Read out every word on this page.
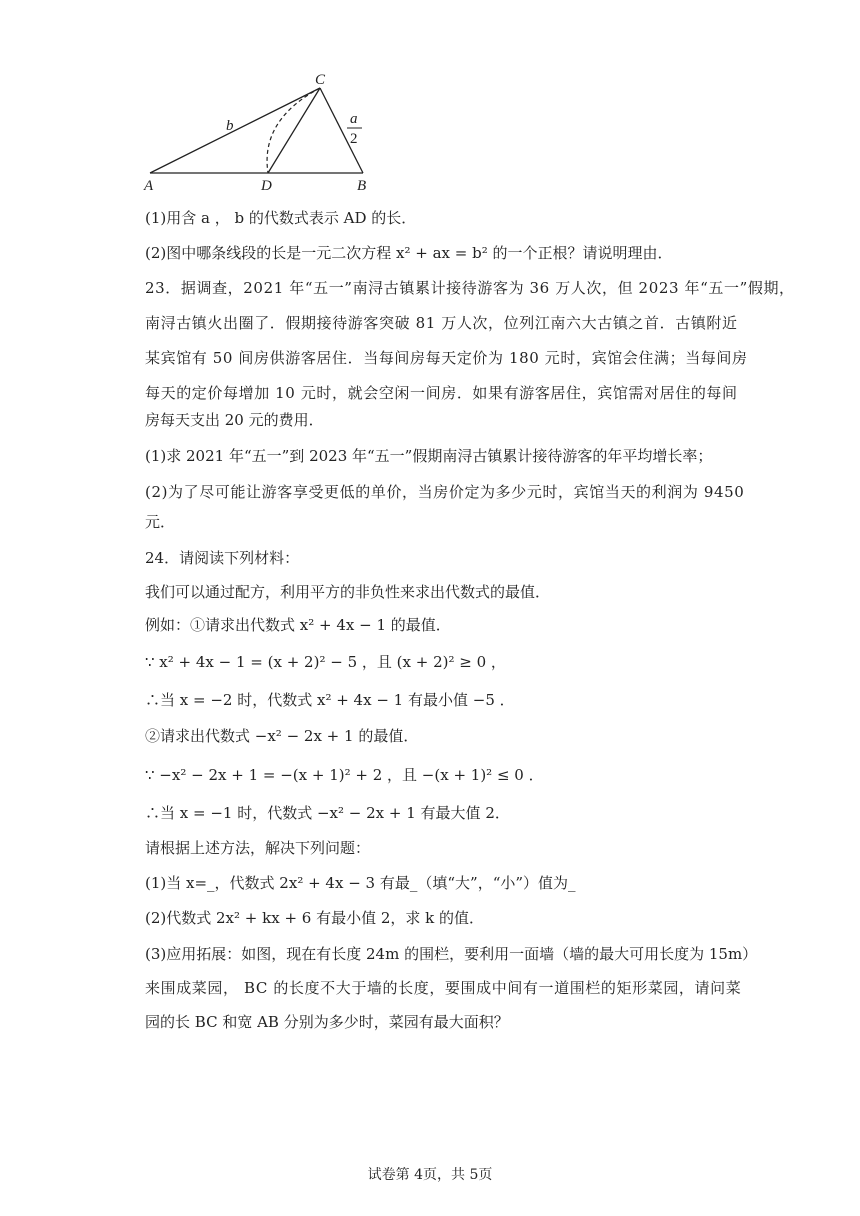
C
A	D	B
b	a
2
(1)用含 a ， b 的代数式表示 AD 的长．
(2)图中哪条线段的长是一元二次方程 x² + ax = b² 的一个正根？请说明理由．
23．据调查，2021 年“五一”南浔古镇累计接待游客为 36 万人次，但 2023 年“五一”假期，
南浔古镇火出圈了．假期接待游客突破 81 万人次，位列江南六大古镇之首．古镇附近
某宾馆有 50 间房供游客居住．当每间房每天定价为 180 元时，宾馆会住满；当每间房
每天的定价每增加 10 元时，就会空闲一间房．如果有游客居住，宾馆需对居住的每间
房每天支出 20 元的费用．
(1)求 2021 年“五一”到 2023 年“五一”假期南浔古镇累计接待游客的年平均增长率；
(2)为了尽可能让游客享受更低的单价，当房价定为多少元时，宾馆当天的利润为 9450
元．
24．请阅读下列材料：
我们可以通过配方，利用平方的非负性来求出代数式的最值．
例如：①请求出代数式 x² + 4x − 1 的最值．
∵ x² + 4x − 1 = (x + 2)² − 5 ，且 (x + 2)² ≥ 0 ，
∴当 x = −2 时，代数式 x² + 4x − 1 有最小值 −5 ．
②请求出代数式 −x² − 2x + 1 的最值．
∵ −x² − 2x + 1 = −(x + 1)² + 2 ，且 −(x + 1)² ≤ 0 ．
∴当 x = −1 时，代数式 −x² − 2x + 1 有最大值 2．
请根据上述方法，解决下列问题：
(1)当 x=_，代数式 2x² + 4x − 3 有最_（填“大”，“小”）值为_
(2)代数式 2x² + kx + 6 有最小值 2，求 k 的值．
(3)应用拓展：如图，现在有长度 24m 的围栏，要利用一面墙（墙的最大可用长度为 15m）
来围成菜园， BC 的长度不大于墙的长度，要围成中间有一道围栏的矩形菜园，请问菜
园的长 BC 和宽 AB 分别为多少时，菜园有最大面积？
试卷第 4页，共 5页
